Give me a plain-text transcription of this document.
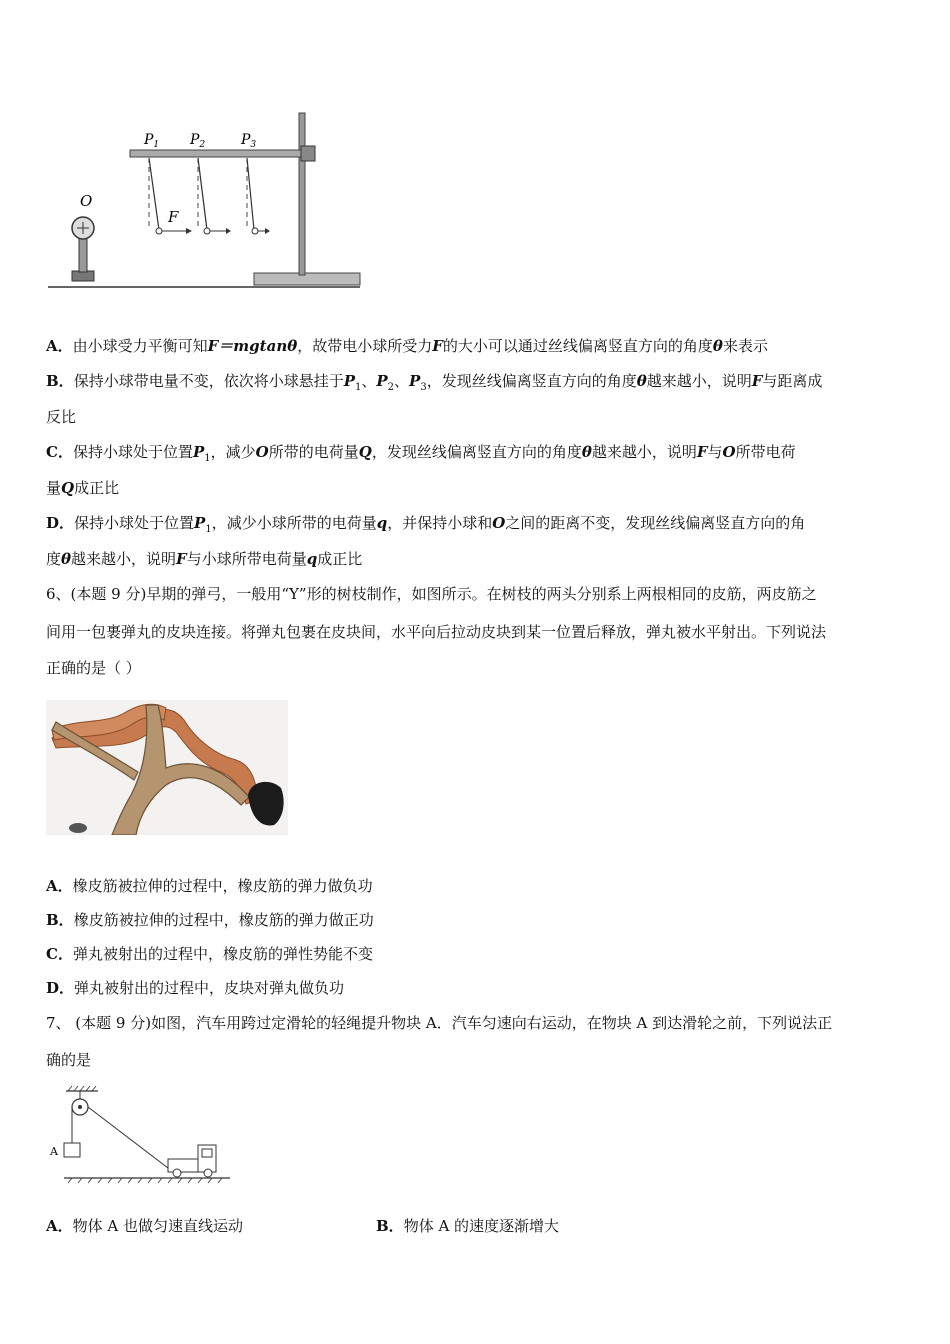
O
F
$P_1$ $P_2$	$P_3$
A．由小球受力平衡可知F＝mgtanθ，故带电小球所受力F的大小可以通过丝线偏离竖直方向的角度θ来表示
B．保持小球带电量不变，依次将小球悬挂于$P_1$、$P_2$、$P_3$，发现丝线偏离竖直方向的角度θ越来越小，说明F与距离成
反比
C．保持小球处于位置$P_1$，减少O所带的电荷量Q，发现丝线偏离竖直方向的角度θ越来越小，说明F与O所带电荷
量Q成正比
D．保持小球处于位置$P_1$，减少小球所带的电荷量q，并保持小球和O之间的距离不变，发现丝线偏离竖直方向的角
度θ越来越小，说明F与小球所带电荷量q成正比
6、(本题 9 分)早期的弹弓，一般用“Y”形的树枝制作，如图所示。在树枝的两头分别系上两根相同的皮筋，两皮筋之
间用一包裹弹丸的皮块连接。将弹丸包裹在皮块间，水平向后拉动皮块到某一位置后释放，弹丸被水平射出。下列说法
正确的是（ ）
A．橡皮筋被拉伸的过程中，橡皮筋的弹力做负功
B．橡皮筋被拉伸的过程中，橡皮筋的弹力做正功
C．弹丸被射出的过程中，橡皮筋的弹性势能不变
D．弹丸被射出的过程中，皮块对弹丸做负功
7、 (本题 9 分)如图，汽车用跨过定滑轮的轻绳提升物块 A．汽车匀速向右运动，在物块 A 到达滑轮之前，下列说法正
确的是
A
A．物体 A 也做匀速直线运动	B．物体 A 的速度逐渐增大
